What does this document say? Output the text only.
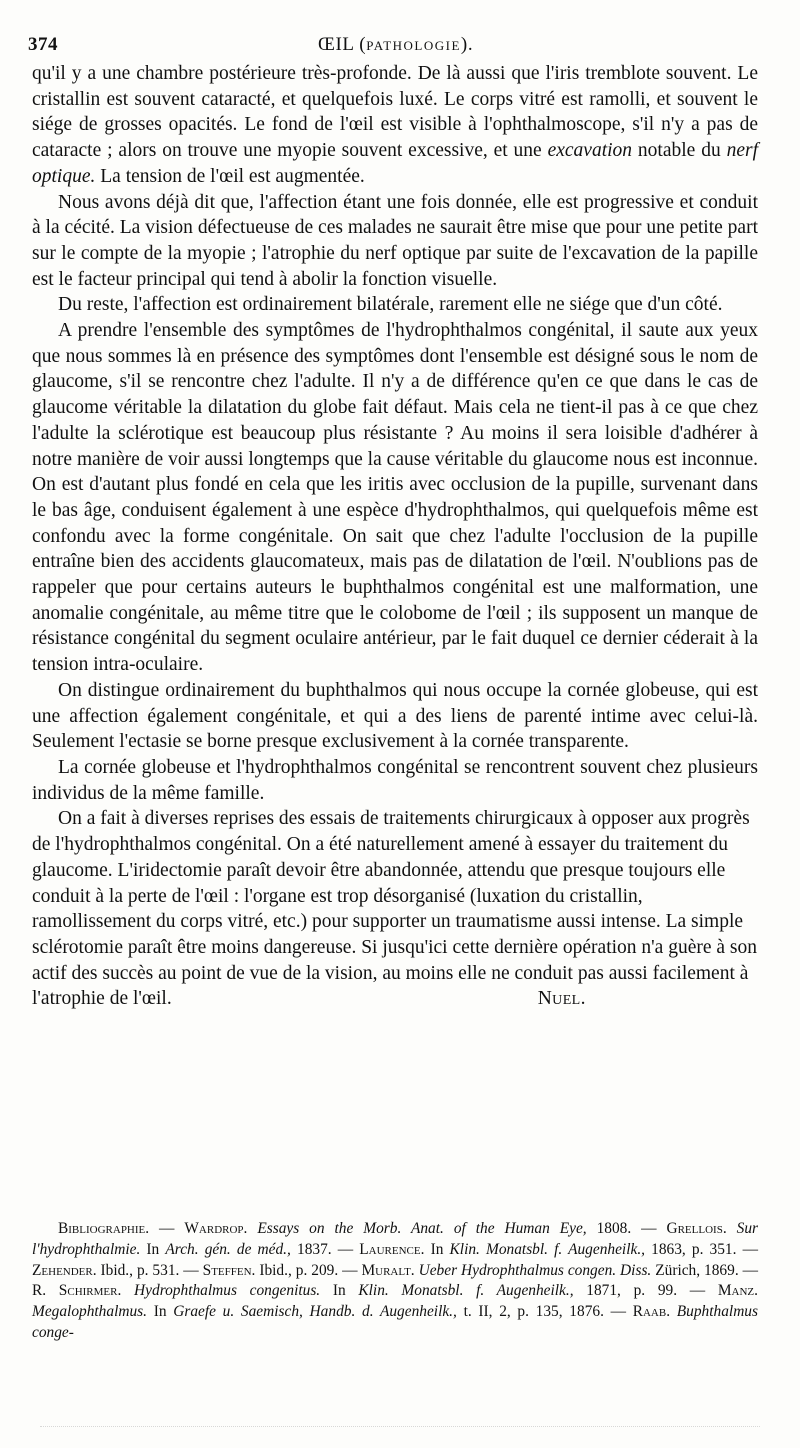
374	ŒIL (PATHOLOGIE).

qu'il y a une chambre postérieure très-profonde. De là aussi que l'iris tremblote souvent. Le cristallin est souvent cataracté, et quelquefois luxé. Le corps vitré est ramolli, et souvent le siége de grosses opacités. Le fond de l'œil est visible à l'ophthalmoscope, s'il n'y a pas de cataracte ; alors on trouve une myopie souvent excessive, et une excavation notable du nerf optique. La tension de l'œil est augmentée.

Nous avons déjà dit que, l'affection étant une fois donnée, elle est progressive et conduit à la cécité. La vision défectueuse de ces malades ne saurait être mise que pour une petite part sur le compte de la myopie ; l'atrophie du nerf optique par suite de l'excavation de la papille est le facteur principal qui tend à abolir la fonction visuelle.

Du reste, l'affection est ordinairement bilatérale, rarement elle ne siége que d'un côté.

A prendre l'ensemble des symptômes de l'hydrophthalmos congénital, il saute aux yeux que nous sommes là en présence des symptômes dont l'ensemble est désigné sous le nom de glaucome, s'il se rencontre chez l'adulte. Il n'y a de différence qu'en ce que dans le cas de glaucome véritable la dilatation du globe fait défaut. Mais cela ne tient-il pas à ce que chez l'adulte la sclérotique est beaucoup plus résistante ? Au moins il sera loisible d'adhérer à notre manière de voir aussi longtemps que la cause véritable du glaucome nous est inconnue. On est d'autant plus fondé en cela que les iritis avec occlusion de la pupille, survenant dans le bas âge, conduisent également à une espèce d'hydrophthalmos, qui quelquefois même est confondu avec la forme congénitale. On sait que chez l'adulte l'occlusion de la pupille entraîne bien des accidents glaucomateux, mais pas de dilatation de l'œil. N'oublions pas de rappeler que pour certains auteurs le buphthalmos congénital est une malformation, une anomalie congénitale, au même titre que le colobome de l'œil ; ils supposent un manque de résistance congénital du segment oculaire antérieur, par le fait duquel ce dernier céderait à la tension intra-oculaire.

On distingue ordinairement du buphthalmos qui nous occupe la cornée globeuse, qui est une affection également congénitale, et qui a des liens de parenté intime avec celui-là. Seulement l'ectasie se borne presque exclusivement à la cornée transparente.

La cornée globeuse et l'hydrophthalmos congénital se rencontrent souvent chez plusieurs individus de la même famille.

On a fait à diverses reprises des essais de traitements chirurgicaux à opposer aux progrès de l'hydrophthalmos congénital. On a été naturellement amené à essayer du traitement du glaucome. L'iridectomie paraît devoir être abandonnée, attendu que presque toujours elle conduit à la perte de l'œil : l'organe est trop désorganisé (luxation du cristallin, ramollissement du corps vitré, etc.) pour supporter un traumatisme aussi intense. La simple sclérotomie paraît être moins dangereuse. Si jusqu'ici cette dernière opération n'a guère à son actif des succès au point de vue de la vision, au moins elle ne conduit pas aussi facilement à l'atrophie de l'œil.	Nuel.

Bibliographie. — Wardrop. Essays on the Morb. Anat. of the Human Eye, 1808. — Grellois. Sur l'hydrophthalmie. In Arch. gén. de méd., 1837. — Laurence. In Klin. Monatsbl. f. Augenheilk., 1863, p. 351. — Zehender. Ibid., p. 531. — Steffen. Ibid., p. 209. — Muralt. Ueber Hydrophthalmus congen. Diss. Zürich, 1869. — R. Schirmer. Hydrophthalmus congenitus. In Klin. Monatsbl. f. Augenheilk., 1871, p. 99. — Manz. Megalophthalmus. In Graefe u. Saemisch, Handb. d. Augenheilk., t. II, 2, p. 135, 1876. — Raab. Buphthalmus conge-
